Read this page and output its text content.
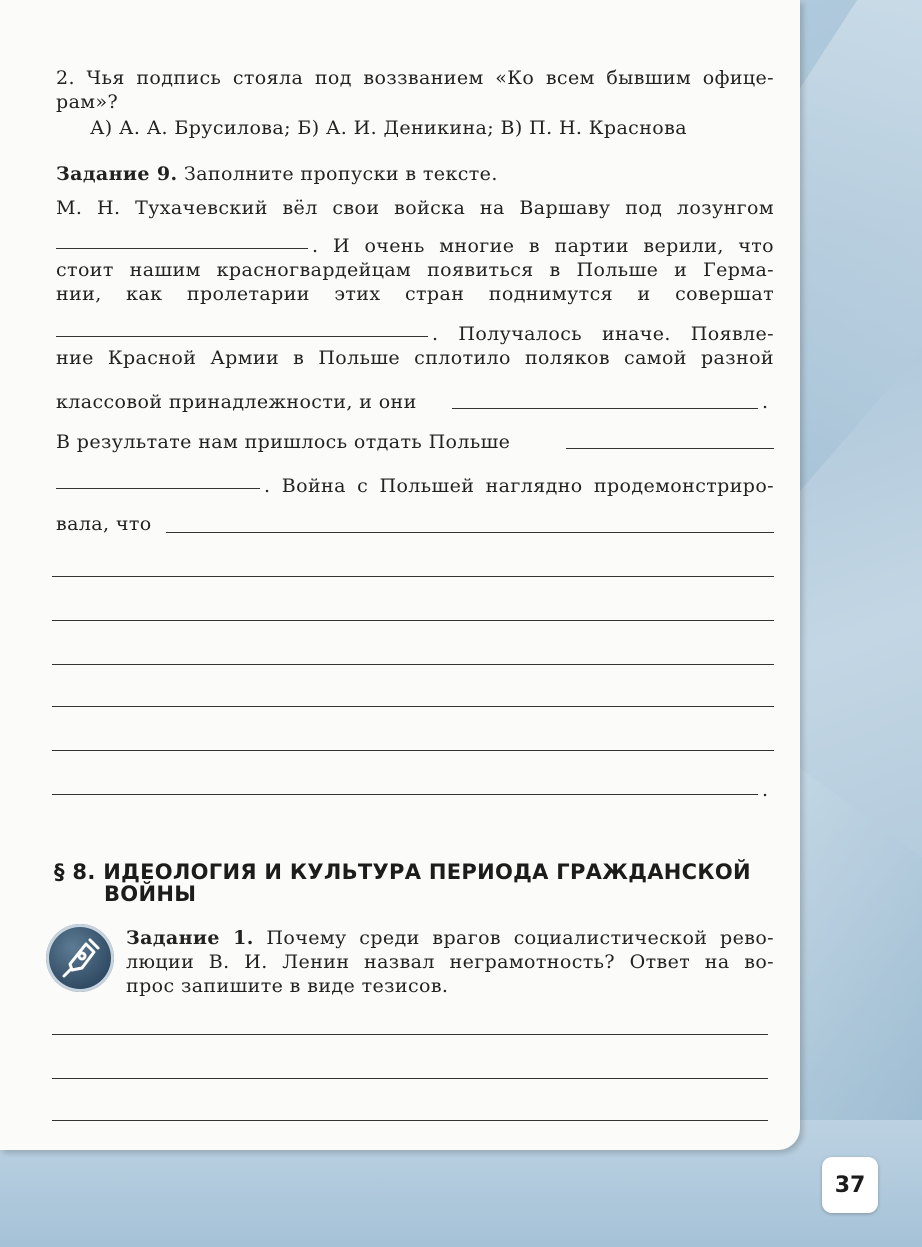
2. Чья подпись стояла под воззванием «Ко всем бывшим офице-
рам»?
А) А. А. Брусилова; Б) А. И. Деникина; В) П. Н. Краснова
Задание 9. Заполните пропуски в тексте.
М. Н. Тухачевский вёл свои войска на Варшаву под лозунгом
. И очень многие в партии верили, что
стоит нашим красногвардейцам появиться в Польше и Герма-
нии, как пролетарии этих стран поднимутся и совершат
. Получалось иначе. Появле-
ние Красной Армии в Польше сплотило поляков самой разной
классовой принадлежности, и они	.
В результате нам пришлось отдать Польше
. Война с Польшей наглядно продемонстриро-
вала, что
.
§ 8. ИДЕОЛОГИЯ И КУЛЬТУРА ПЕРИОДА ГРАЖДАНСКОЙ
ВОЙНЫ
Задание 1. Почему среди врагов социалистической рево-
люции В. И. Ленин назвал неграмотность? Ответ на во-
прос запишите в виде тезисов.
37
